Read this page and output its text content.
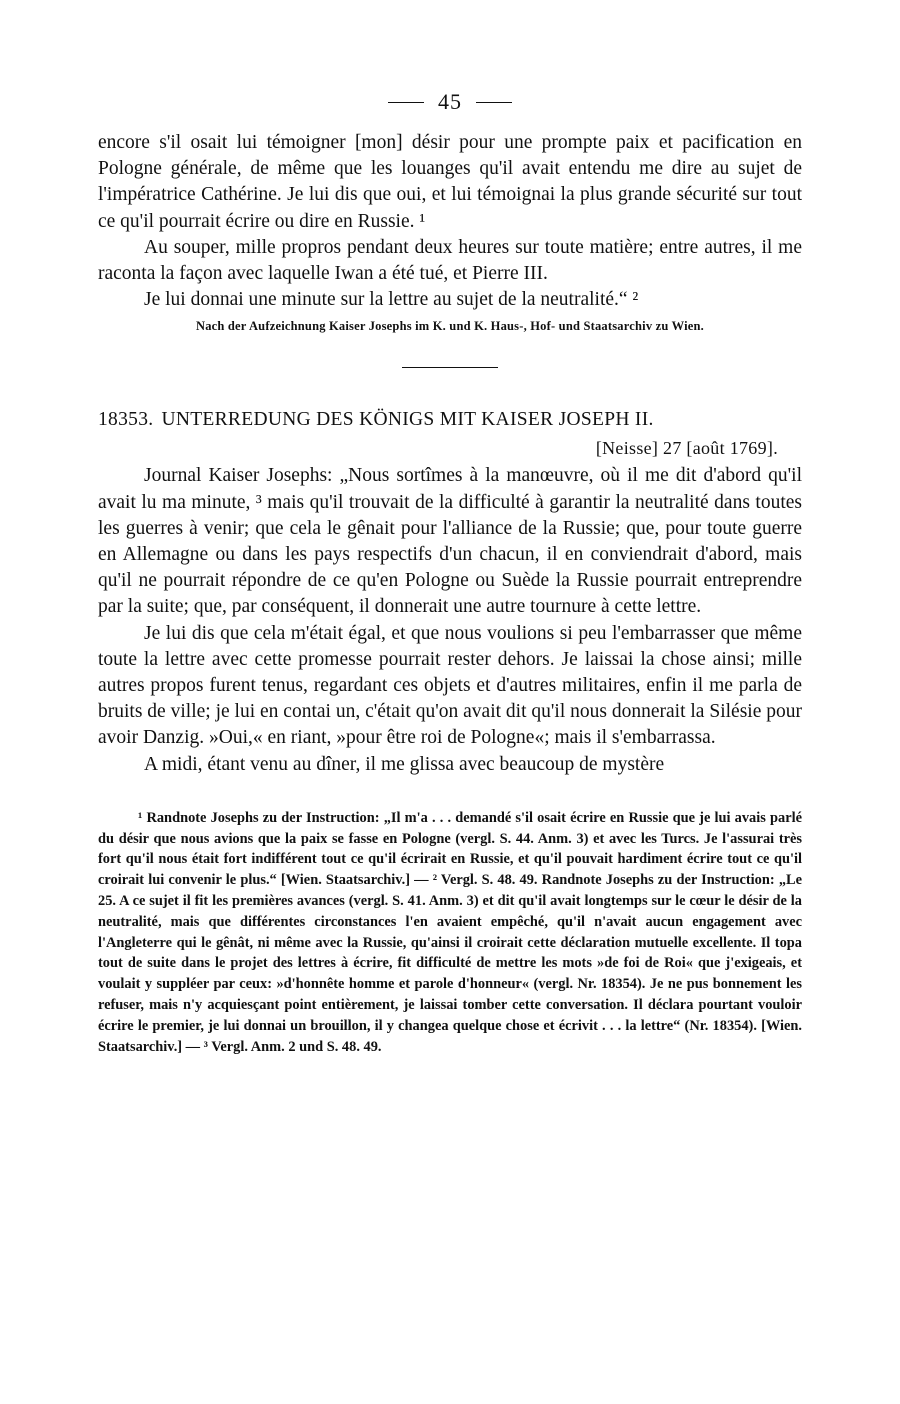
45

encore s'il osait lui témoigner [mon] désir pour une prompte paix et pacification en Pologne générale, de même que les louanges qu'il avait entendu me dire au sujet de l'impératrice Cathérine. Je lui dis que oui, et lui témoignai la plus grande sécurité sur tout ce qu'il pourrait écrire ou dire en Russie. ¹

Au souper, mille propros pendant deux heures sur toute matière; entre autres, il me raconta la façon avec laquelle Iwan a été tué, et Pierre III.

Je lui donnai une minute sur la lettre au sujet de la neutralité.“ ²

Nach der Aufzeichnung Kaiser Josephs im K. und K. Haus-, Hof- und Staatsarchiv zu Wien.

18353. UNTERREDUNG DES KÖNIGS MIT KAISER JOSEPH II.

[Neisse] 27 [août 1769].

Journal Kaiser Josephs: „Nous sortîmes à la manœuvre, où il me dit d'abord qu'il avait lu ma minute, ³ mais qu'il trouvait de la difficulté à garantir la neutralité dans toutes les guerres à venir; que cela le gênait pour l'alliance de la Russie; que, pour toute guerre en Allemagne ou dans les pays respectifs d'un chacun, il en conviendrait d'abord, mais qu'il ne pourrait répondre de ce qu'en Pologne ou Suède la Russie pourrait entreprendre par la suite; que, par conséquent, il donnerait une autre tournure à cette lettre.

Je lui dis que cela m'était égal, et que nous voulions si peu l'embarrasser que même toute la lettre avec cette promesse pourrait rester dehors. Je laissai la chose ainsi; mille autres propos furent tenus, regardant ces objets et d'autres militaires, enfin il me parla de bruits de ville; je lui en contai un, c'était qu'on avait dit qu'il nous donnerait la Silésie pour avoir Danzig. »Oui,« en riant, »pour être roi de Pologne«; mais il s'embarrassa.

A midi, étant venu au dîner, il me glissa avec beaucoup de mystère

¹ Randnote Josephs zu der Instruction: „Il m'a . . . demandé s'il osait écrire en Russie que je lui avais parlé du désir que nous avions que la paix se fasse en Pologne (vergl. S. 44. Anm. 3) et avec les Turcs. Je l'assurai très fort qu'il nous était fort indifférent tout ce qu'il écrirait en Russie, et qu'il pouvait hardiment écrire tout ce qu'il croirait lui convenir le plus.“ [Wien. Staatsarchiv.] — ² Vergl. S. 48. 49. Randnote Josephs zu der Instruction: „Le 25. A ce sujet il fit les premières avances (vergl. S. 41. Anm. 3) et dit qu'il avait longtemps sur le cœur le désir de la neutralité, mais que différentes circonstances l'en avaient empêché, qu'il n'avait aucun engagement avec l'Angleterre qui le gênât, ni même avec la Russie, qu'ainsi il croirait cette déclaration mutuelle excellente. Il topa tout de suite dans le projet des lettres à écrire, fit difficulté de mettre les mots »de foi de Roi« que j'exigeais, et voulait y suppléer par ceux: »d'honnête homme et parole d'honneur« (vergl. Nr. 18354). Je ne pus bonnement les refuser, mais n'y acquiesçant point entièrement, je laissai tomber cette conversation. Il déclara pourtant vouloir écrire le premier, je lui donnai un brouillon, il y changea quelque chose et écrivit . . . la lettre“ (Nr. 18354). [Wien. Staatsarchiv.] — ³ Vergl. Anm. 2 und S. 48. 49.
